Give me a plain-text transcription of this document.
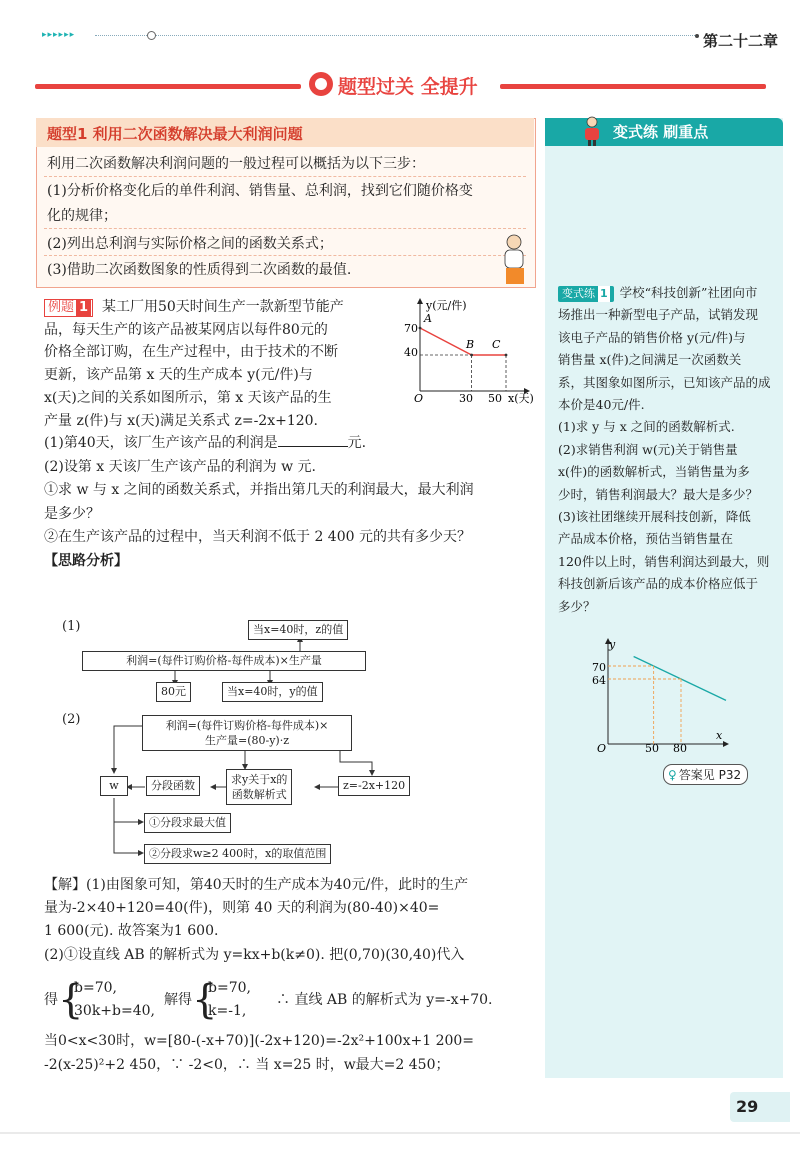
▸▸▸▸▸▸	第二十二章
题型过关 全提升
题型1 利用二次函数解决最大利润问题
利用二次函数解决利润问题的一般过程可以概括为以下三步：
(1)分析价格变化后的单件利润、销售量、总利润，找到它们随价格变
化的规律；
(2)列出总利润与实际价格之间的函数关系式；
(3)借助二次函数图象的性质得到二次函数的最值.
变式练 刷重点
变式练 1 学校“科技创新”社团向市
场推出一种新型电子产品，试销发现
该电子产品的销售价格 y(元/件)与
销售量 x(件)之间满足一次函数关
系，其图象如图所示，已知该产品的成
本价是40元/件.
(1)求 y 与 x 之间的函数解析式.
(2)求销售利润 w(元)关于销售量
x(件)的函数解析式，当销售量为多
少时，销售利润最大？最大是多少？
(3)该社团继续开展科技创新，降低
产品成本价格，预估当销售量在
120件以上时，销售利润达到最大，则
科技创新后该产品的成本价格应低于
多少？
y
x
O
70
64
50 80
♀ 答案见 P32
例题 1 某工厂用50天时间生产一款新型节能产
品，每天生产的该产品被某网店以每件80元的
价格全部订购，在生产过程中，由于技术的不断
更新，该产品第 x 天的生产成本 y(元/件)与
x(天)之间的关系如图所示，第 x 天该产品的生
产量 z(件)与 x(天)满足关系式 z=-2x+120.
y(元/件)
x(天)
O
70
40
30 50
A
B C
(1)第40天，该厂生产该产品的利润是	元.
(2)设第 x 天该厂生产该产品的利润为 w 元.
①求 w 与 x 之间的函数关系式，并指出第几天的利润最大，最大利润
是多少？
②在生产该产品的过程中，当天利润不低于 2 400 元的共有多少天？
【思路分析】
(1)	当x=40时，z的值
利润=(每件订购价格-每件成本)×生产量
80元	当x=40时，y的值
(2)	利润=(每件订购价格-每件成本)×
生产量=(80-y)·z
w	分段函数	求y关于x的
函数解析式
z=-2x+120
①分段求最大值
②分段求w≥2 400时，x的取值范围
【解】(1)由图象可知，第40天时的生产成本为40元/件，此时的生产
量为-2×40+120=40(件)，则第 40 天的利润为(80-40)×40=
1 600(元). 故答案为1 600.
(2)①设直线 AB 的解析式为 y=kx+b(k≠0). 把(0,70)(30,40)代入
得 {
b=70,
30k+b=40,
解得 {
b=70,
k=-1,
∴ 直线 AB 的解析式为 y=-x+70.
当0<x<30时，w=[80-(-x+70)](-2x+120)=-2x²+100x+1 200=
-2(x-25)²+2 450，∵ -2<0，∴ 当 x=25 时，w最大=2 450；
29
